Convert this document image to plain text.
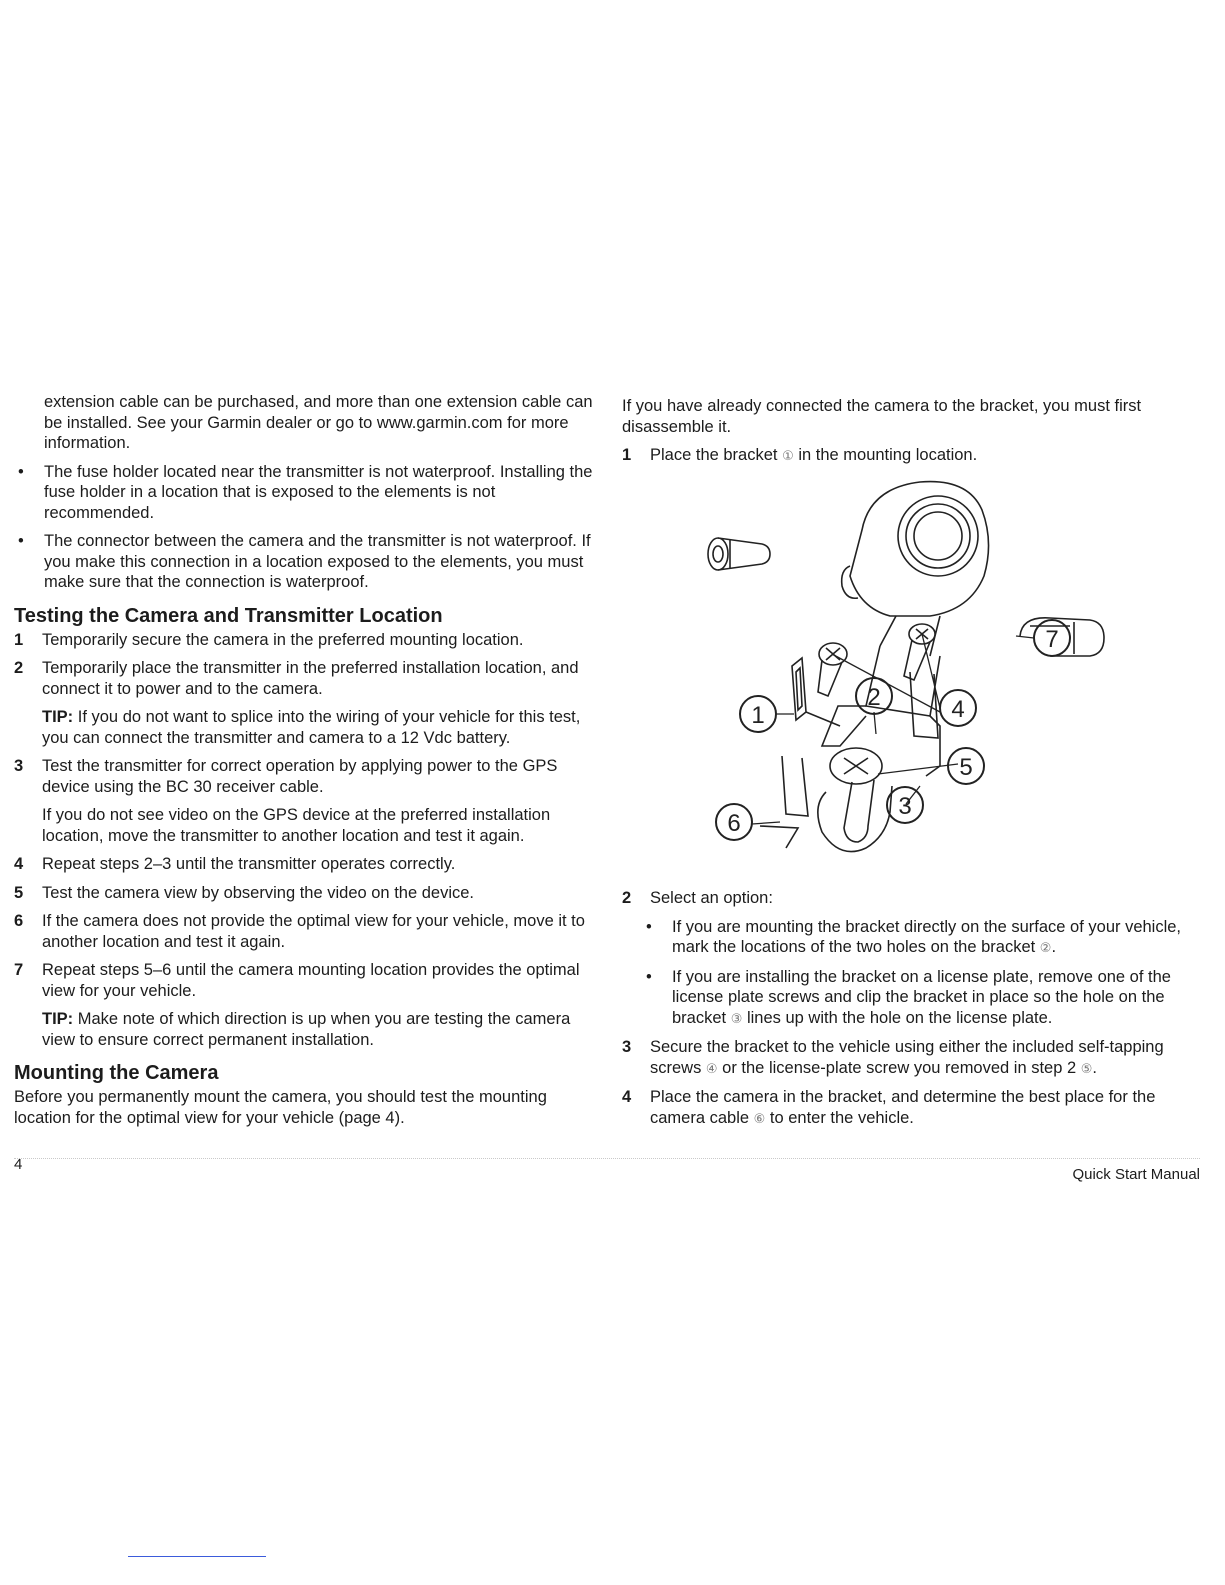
extension cable can be purchased, and more than one extension cable can be installed. See your Garmin dealer or go to www.garmin.com for more information.

• The fuse holder located near the transmitter is not waterproof. Installing the fuse holder in a location that is exposed to the elements is not recommended.
• The connector between the camera and the transmitter is not waterproof. If you make this connection in a location exposed to the elements, you must make sure that the connection is waterproof.
Testing the Camera and Transmitter Location
1 Temporarily secure the camera in the preferred mounting location.
2 Temporarily place the transmitter in the preferred installation location, and connect it to power and to the camera.

TIP: If you do not want to splice into the wiring of your vehicle for this test, you can connect the transmitter and camera to a 12 Vdc battery.

3 Test the transmitter for correct operation by applying power to the GPS device using the BC 30 receiver cable.

If you do not see video on the GPS device at the preferred installation location, move the transmitter to another location and test it again.

4 Repeat steps 2–3 until the transmitter operates correctly.
5 Test the camera view by observing the video on the device.
6 If the camera does not provide the optimal view for your vehicle, move it to another location and test it again.
7 Repeat steps 5–6 until the camera mounting location provides the optimal view for your vehicle.

TIP: Make note of which direction is up when you are testing the camera view to ensure correct permanent installation.

Mounting the Camera

Before you permanently mount the camera, you should test the mounting location for the optimal view for your vehicle (page 4).

If you have already connected the camera to the bracket, you must first disassemble it.

1 Place the bracket ① in the mounting location.
2 Select an option:
• If you are mounting the bracket directly on the surface of your vehicle, mark the locations of the two holes on the bracket ②.
• If you are installing the bracket on a license plate, remove one of the license plate screws and clip the bracket in place so the hole on the bracket ③ lines up with the hole on the license plate.
3 Secure the bracket to the vehicle using either the included self-tapping screws ④ or the license-plate screw you removed in step 2 ⑤.
4 Place the camera in the bracket, and determine the best place for the camera cable ⑥ to enter the vehicle.
1
2
3
4
5
6
7
4
Quick Start Manual
